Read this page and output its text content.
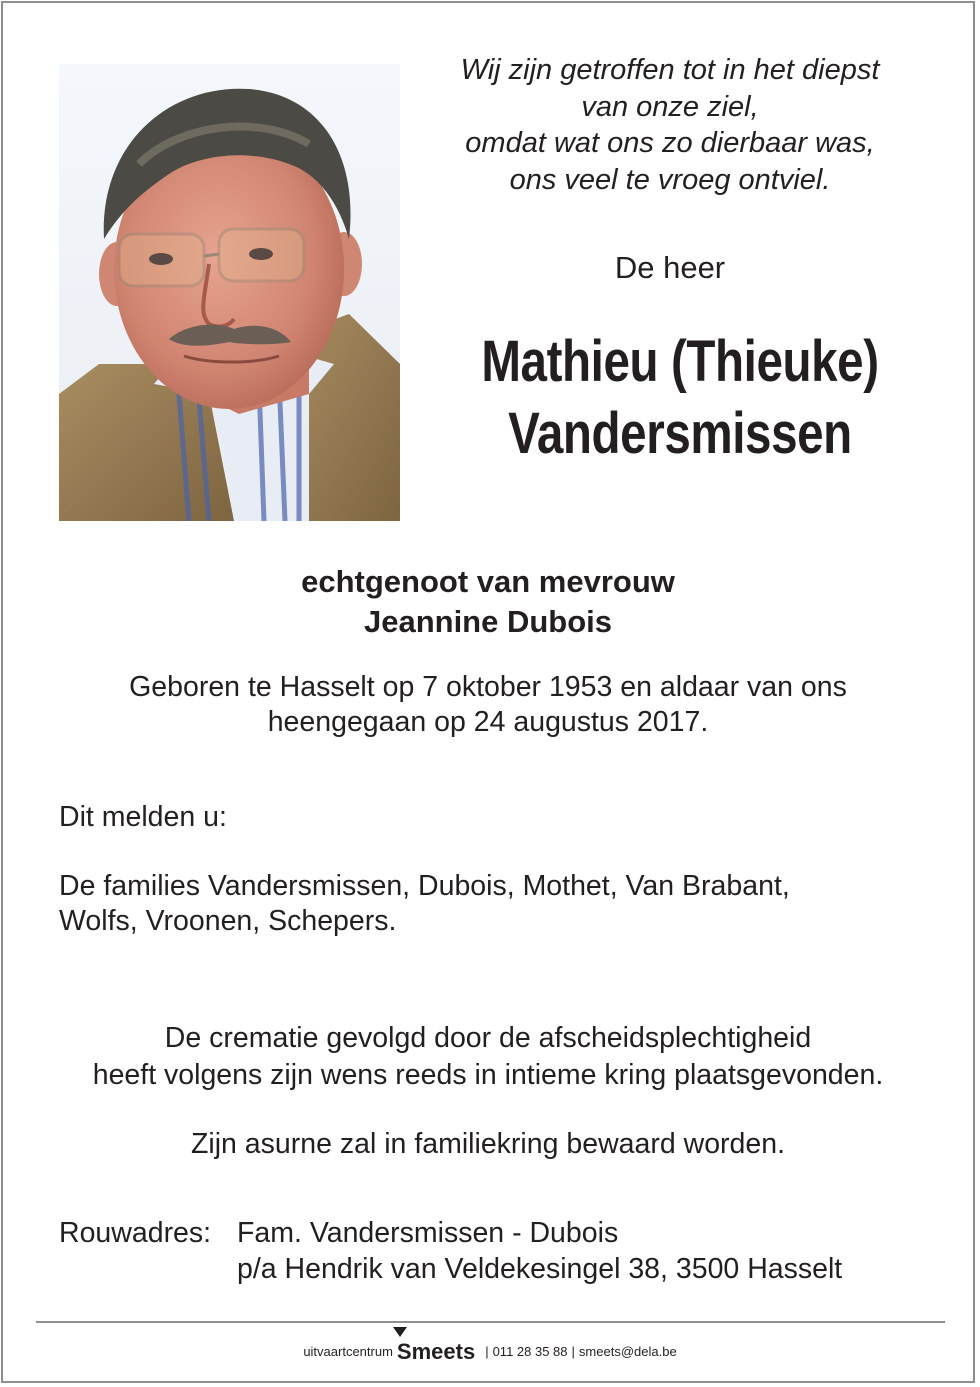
Wij zijn getroffen tot in het diepst
van onze ziel,
omdat wat ons zo dierbaar was,
ons veel te vroeg ontviel.
De heer
Mathieu (Thieuke)
Vandersmissen
echtgenoot van mevrouw
Jeannine Dubois
Geboren te Hasselt op 7 oktober 1953 en aldaar van ons
heengegaan op 24 augustus 2017.
Dit melden u:
De families Vandersmissen, Dubois, Mothet, Van Brabant,
Wolfs, Vroonen, Schepers.
De crematie gevolgd door de afscheidsplechtigheid
heeft volgens zijn wens reeds in intieme kring plaatsgevonden.
Zijn asurne zal in familiekring bewaard worden.
Rouwadres: Fam. Vandersmissen - Dubois
p/a Hendrik van Veldekesingel 38, 3500 Hasselt
uitvaartcentrum Smeets | 011 28 35 88 | smeets@dela.be
